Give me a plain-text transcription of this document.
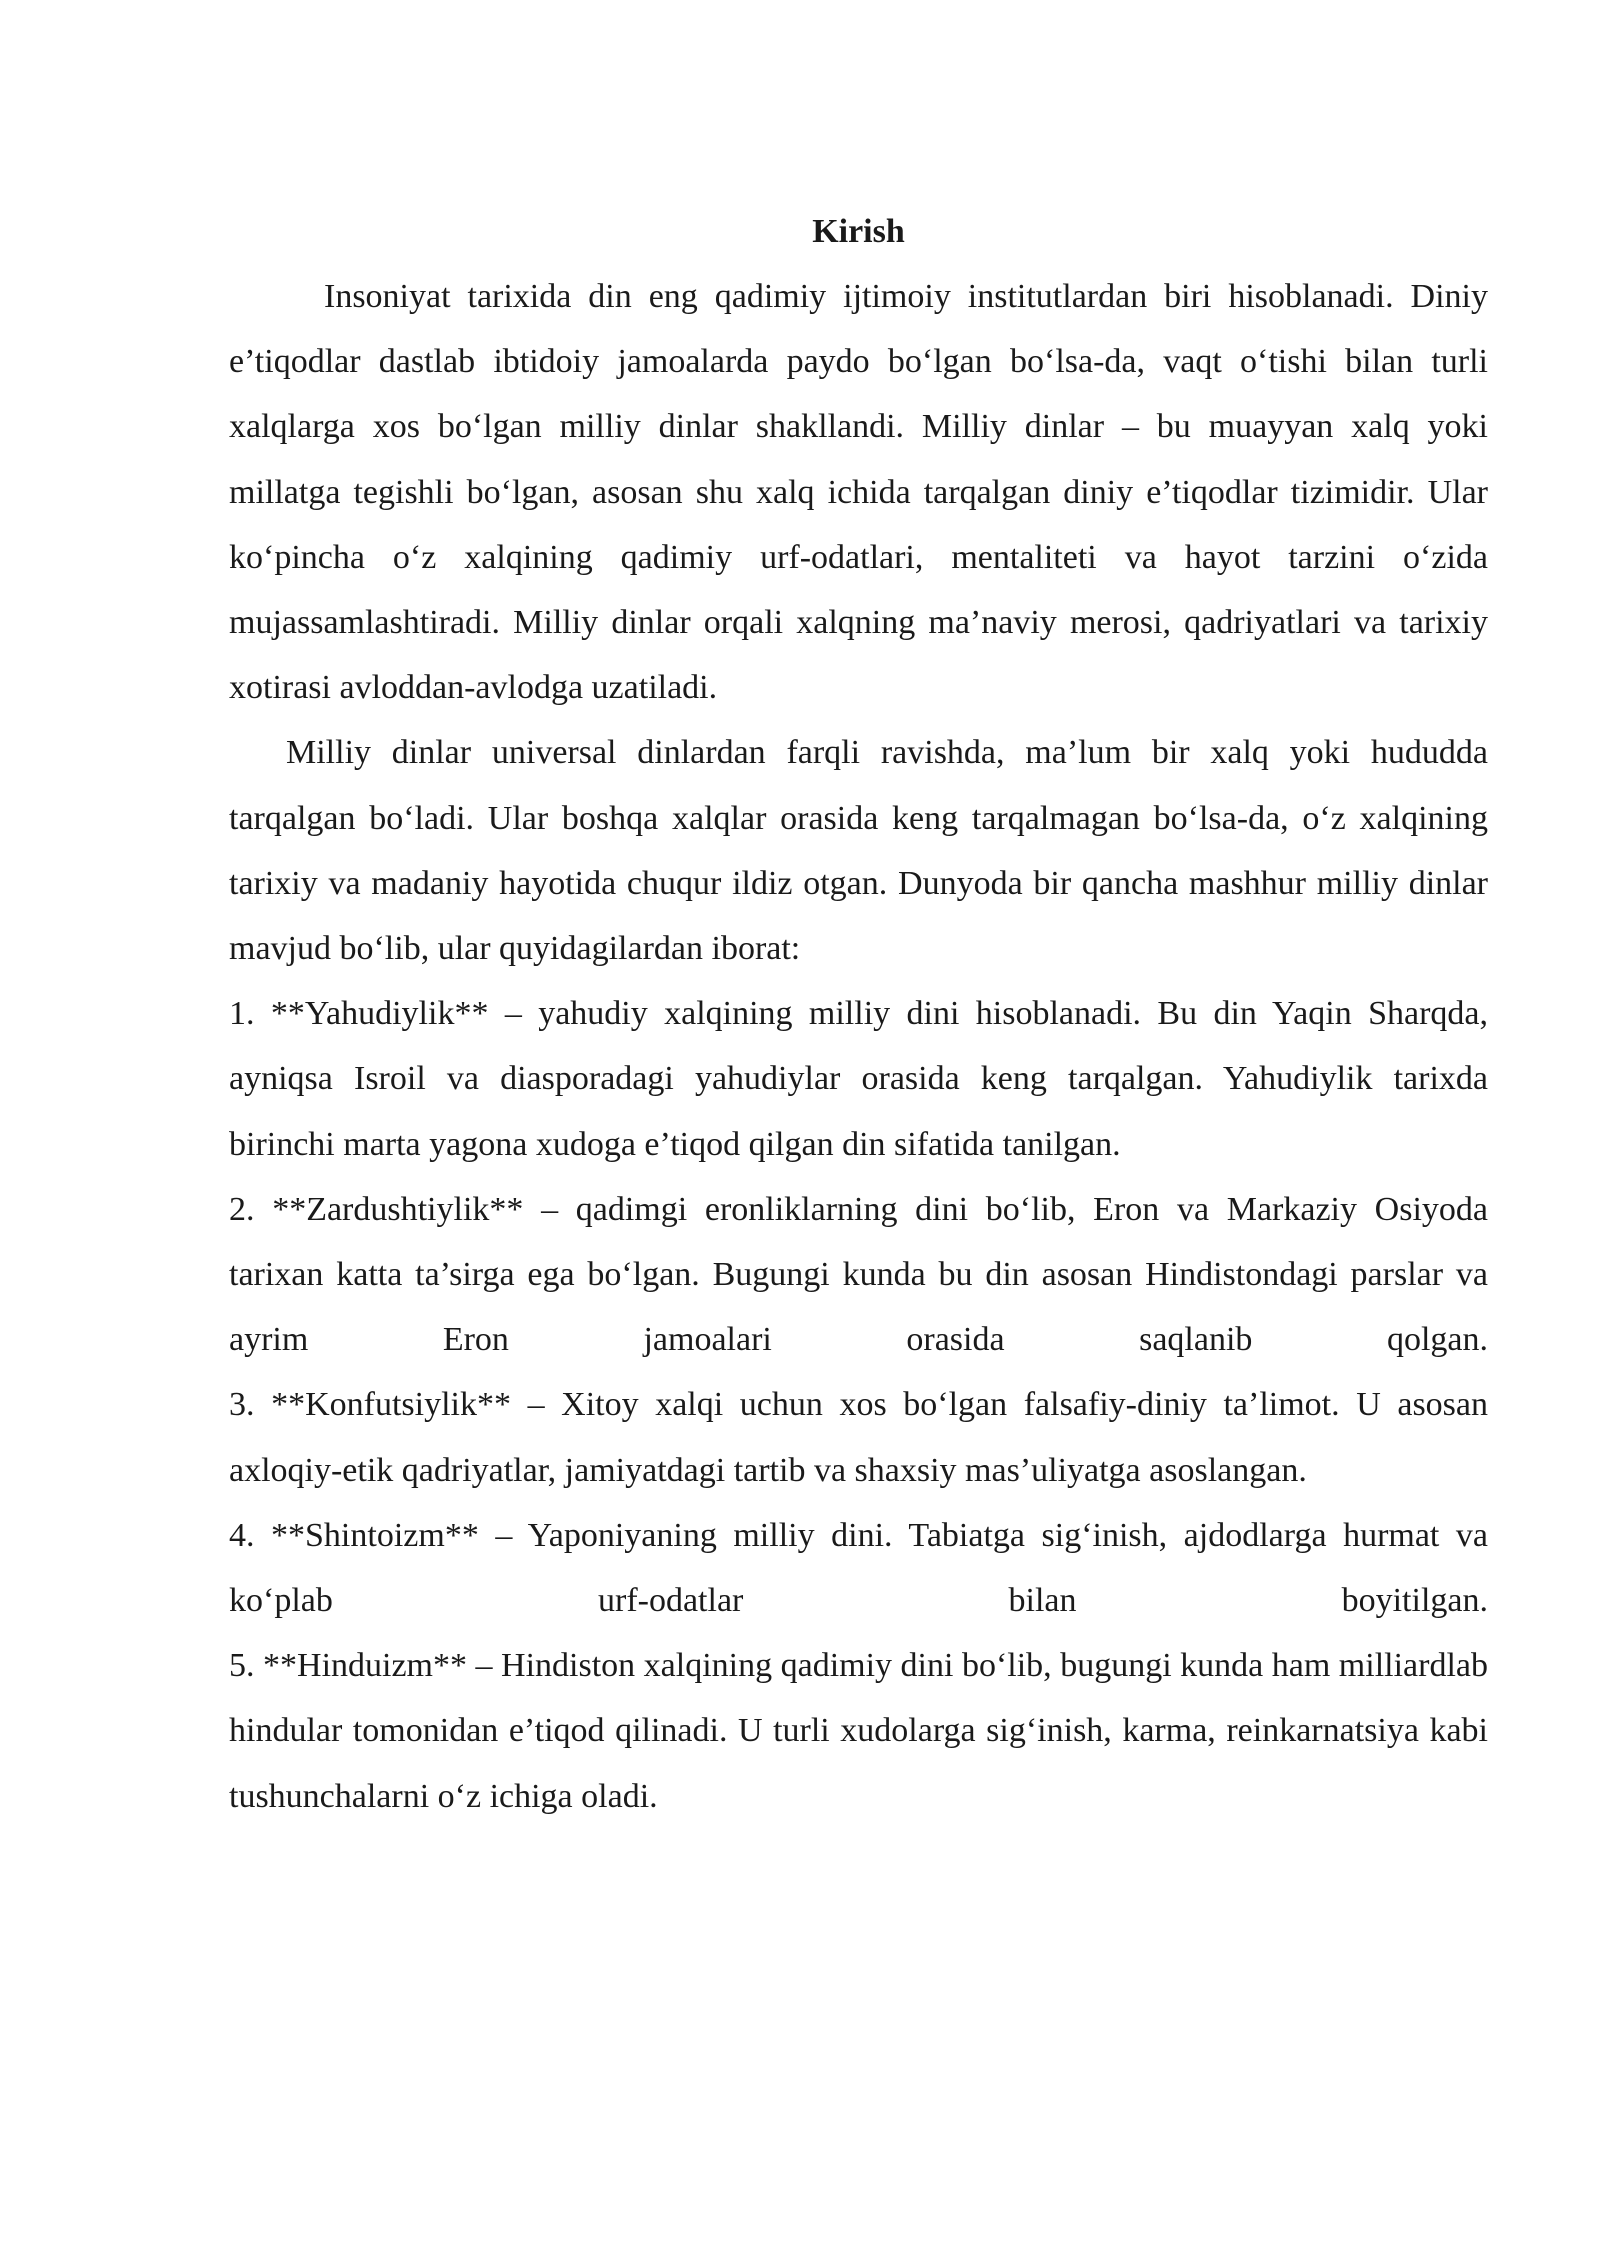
Kirish

Insoniyat tarixida din eng qadimiy ijtimoiy institutlardan biri hisoblanadi. Diniy e’tiqodlar dastlab ibtidoiy jamoalarda paydo bo‘lgan bo‘lsa-da, vaqt o‘tishi bilan turli xalqlarga xos bo‘lgan milliy dinlar shakllandi. Milliy dinlar – bu muayyan xalq yoki millatga tegishli bo‘lgan, asosan shu xalq ichida tarqalgan diniy e’tiqodlar tizimidir. Ular ko‘pincha o‘z xalqining qadimiy urf-odatlari, mentaliteti va hayot tarzini o‘zida mujassamlashtiradi. Milliy dinlar orqali xalqning ma’naviy merosi, qadriyatlari va tarixiy xotirasi avloddan-avlodga uzatiladi.

Milliy dinlar universal dinlardan farqli ravishda, ma’lum bir xalq yoki hududda tarqalgan bo‘ladi. Ular boshqa xalqlar orasida keng tarqalmagan bo‘lsa-da, o‘z xalqining tarixiy va madaniy hayotida chuqur ildiz otgan. Dunyoda bir qancha mashhur milliy dinlar mavjud bo‘lib, ular quyidagilardan iborat:

1. **Yahudiylik** – yahudiy xalqining milliy dini hisoblanadi. Bu din Yaqin Sharqda, ayniqsa Isroil va diasporadagi yahudiylar orasida keng tarqalgan. Yahudiylik tarixda birinchi marta yagona xudoga e’tiqod qilgan din sifatida tanilgan.

2. **Zardushtiylik** – qadimgi eronliklarning dini bo‘lib, Eron va Markaziy Osiyoda tarixan katta ta’sirga ega bo‘lgan. Bugungi kunda bu din asosan Hindistondagi parslar va ayrim Eron jamoalari orasida saqlanib qolgan.

3. **Konfutsiylik** – Xitoy xalqi uchun xos bo‘lgan falsafiy-diniy ta’limot. U asosan axloqiy-etik qadriyatlar, jamiyatdagi tartib va shaxsiy mas’uliyatga asoslangan.

4. **Shintoizm** – Yaponiyaning milliy dini. Tabiatga sig‘inish, ajdodlarga hurmat va ko‘plab urf-odatlar bilan boyitilgan.

5. **Hinduizm** – Hindiston xalqining qadimiy dini bo‘lib, bugungi kunda ham milliardlab hindular tomonidan e’tiqod qilinadi. U turli xudolarga sig‘inish, karma, reinkarnatsiya kabi tushunchalarni o‘z ichiga oladi.
